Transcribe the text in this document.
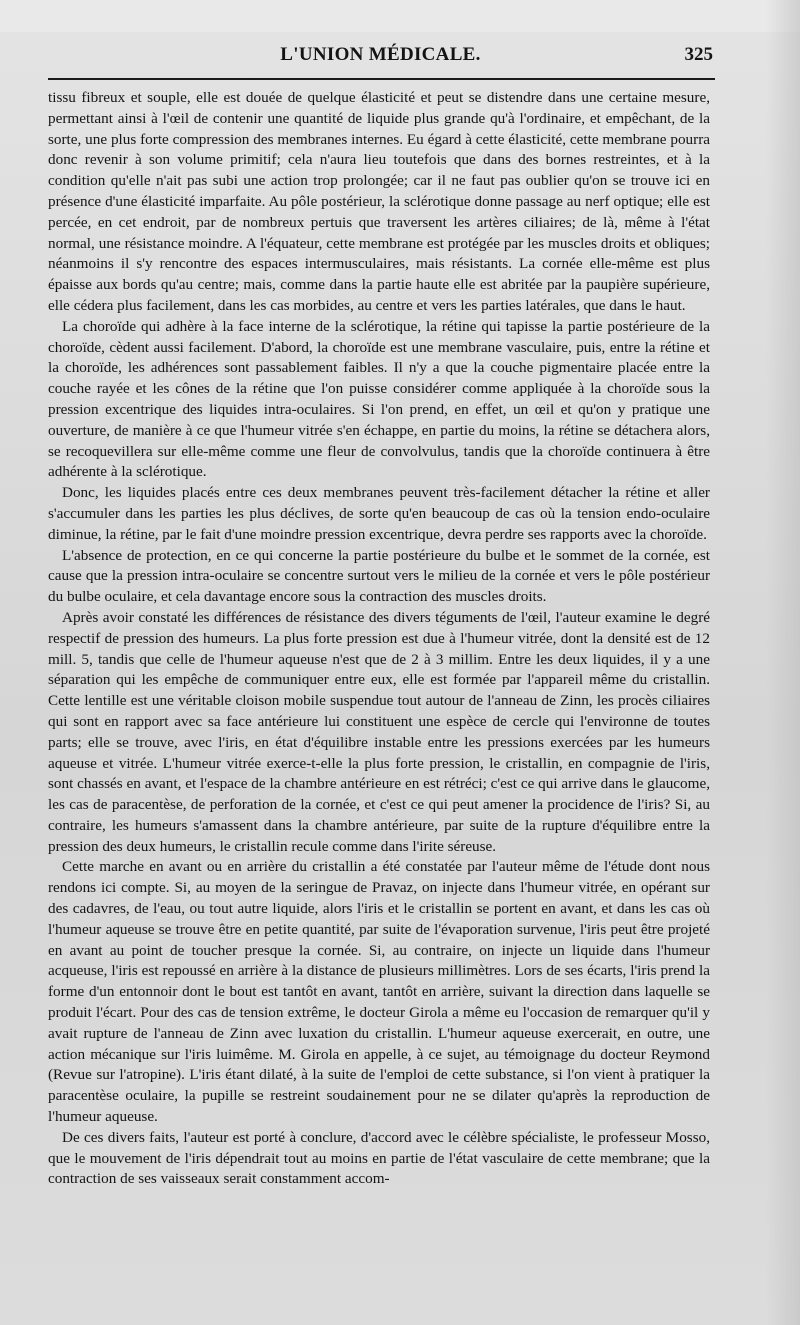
L'UNION MÉDICALE.	325

tissu fibreux et souple, elle est douée de quelque élasticité et peut se distendre dans une certaine mesure, permettant ainsi à l'œil de contenir une quantité de liquide plus grande qu'à l'ordinaire, et empêchant, de la sorte, une plus forte compression des membranes internes. Eu égard à cette élasticité, cette membrane pourra donc revenir à son volume primitif; cela n'aura lieu toutefois que dans des bornes restreintes, et à la condition qu'elle n'ait pas subi une action trop prolongée; car il ne faut pas oublier qu'on se trouve ici en présence d'une élasticité imparfaite. Au pôle postérieur, la sclérotique donne passage au nerf optique; elle est percée, en cet endroit, par de nombreux pertuis que traversent les artères ciliaires; de là, même à l'état normal, une résistance moindre. A l'équateur, cette membrane est protégée par les muscles droits et obliques; néanmoins il s'y rencontre des espaces intermusculaires, mais résistants. La cornée elle-même est plus épaisse aux bords qu'au centre; mais, comme dans la partie haute elle est abritée par la paupière supérieure, elle cédera plus facilement, dans les cas morbides, au centre et vers les parties latérales, que dans le haut.

La choroïde qui adhère à la face interne de la sclérotique, la rétine qui tapisse la partie postérieure de la choroïde, cèdent aussi facilement. D'abord, la choroïde est une membrane vasculaire, puis, entre la rétine et la choroïde, les adhérences sont passablement faibles. Il n'y a que la couche pigmentaire placée entre la couche rayée et les cônes de la rétine que l'on puisse considérer comme appliquée à la choroïde sous la pression excentrique des liquides intra-oculaires. Si l'on prend, en effet, un œil et qu'on y pratique une ouverture, de manière à ce que l'humeur vitrée s'en échappe, en partie du moins, la rétine se détachera alors, se recoquevillera sur elle-même comme une fleur de convolvulus, tandis que la choroïde continuera à être adhérente à la sclérotique.

Donc, les liquides placés entre ces deux membranes peuvent très-facilement détacher la rétine et aller s'accumuler dans les parties les plus déclives, de sorte qu'en beaucoup de cas où la tension endo-oculaire diminue, la rétine, par le fait d'une moindre pression excentrique, devra perdre ses rapports avec la choroïde.

L'absence de protection, en ce qui concerne la partie postérieure du bulbe et le sommet de la cornée, est cause que la pression intra-oculaire se concentre surtout vers le milieu de la cornée et vers le pôle postérieur du bulbe oculaire, et cela davantage encore sous la contraction des muscles droits.

Après avoir constaté les différences de résistance des divers téguments de l'œil, l'auteur examine le degré respectif de pression des humeurs. La plus forte pression est due à l'humeur vitrée, dont la densité est de 12 mill. 5, tandis que celle de l'humeur aqueuse n'est que de 2 à 3 millim. Entre les deux liquides, il y a une séparation qui les empêche de communiquer entre eux, elle est formée par l'appareil même du cristallin. Cette lentille est une véritable cloison mobile suspendue tout autour de l'anneau de Zinn, les procès ciliaires qui sont en rapport avec sa face antérieure lui constituent une espèce de cercle qui l'environne de toutes parts; elle se trouve, avec l'iris, en état d'équilibre instable entre les pressions exercées par les humeurs aqueuse et vitrée. L'humeur vitrée exerce-t-elle la plus forte pression, le cristallin, en compagnie de l'iris, sont chassés en avant, et l'espace de la chambre antérieure en est rétréci; c'est ce qui arrive dans le glaucome, les cas de paracentèse, de perforation de la cornée, et c'est ce qui peut amener la procidence de l'iris? Si, au contraire, les humeurs s'amassent dans la chambre antérieure, par suite de la rupture d'équilibre entre la pression des deux humeurs, le cristallin recule comme dans l'irite séreuse.

Cette marche en avant ou en arrière du cristallin a été constatée par l'auteur même de l'étude dont nous rendons ici compte. Si, au moyen de la seringue de Pravaz, on injecte dans l'humeur vitrée, en opérant sur des cadavres, de l'eau, ou tout autre liquide, alors l'iris et le cristallin se portent en avant, et dans les cas où l'humeur aqueuse se trouve être en petite quantité, par suite de l'évaporation survenue, l'iris peut être projeté en avant au point de toucher presque la cornée. Si, au contraire, on injecte un liquide dans l'humeur acqueuse, l'iris est repoussé en arrière à la distance de plusieurs millimètres. Lors de ses écarts, l'iris prend la forme d'un entonnoir dont le bout est tantôt en avant, tantôt en arrière, suivant la direction dans laquelle se produit l'écart. Pour des cas de tension extrême, le docteur Girola a même eu l'occasion de remarquer qu'il y avait rupture de l'anneau de Zinn avec luxation du cristallin. L'humeur aqueuse exercerait, en outre, une action mécanique sur l'iris luimême. M. Girola en appelle, à ce sujet, au témoignage du docteur Reymond (Revue sur l'atropine). L'iris étant dilaté, à la suite de l'emploi de cette substance, si l'on vient à pratiquer la paracentèse oculaire, la pupille se restreint soudainement pour ne se dilater qu'après la reproduction de l'humeur aqueuse.

De ces divers faits, l'auteur est porté à conclure, d'accord avec le célèbre spécialiste, le professeur Mosso, que le mouvement de l'iris dépendrait tout au moins en partie de l'état vasculaire de cette membrane; que la contraction de ses vaisseaux serait constamment accom-
